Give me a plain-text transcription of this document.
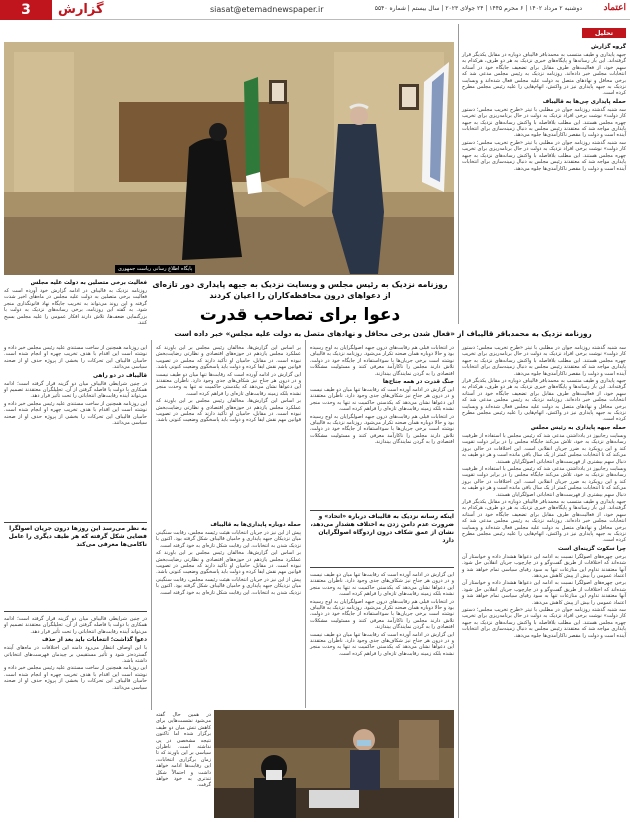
3	گزارش	siasat@etemadnewspaper.ir	دوشنبه ۲ مرداد ۱۴۰۲ | ۶ محرم ۱۴۴۵ | ۲۴ جولای ۲۰۲۳ | سال بیستم | شماره ۵۵۴۰	اعتماد
تحلیل
گروه گزارش

جبهه پایداری و طیف منتسب به محمدباقر قالیباف دوباره در مقابل یکدیگر قرار گرفته‌اند. این بار رسانه‌ها و پایگاه‌های خبری نزدیک به هر دو طرف، هرکدام به سهم خود، از فعالیت‌های طرف مقابل برای تضعیف جایگاه خود در آستانه انتخابات مجلس خبر داده‌اند. روزنامه نزدیک به رئیس مجلس مدعی شد که برخی محافل و نهادهای متصل به دولت علیه مجلس فعال شده‌اند و وبسایت نزدیک به جبهه پایداری نیز در واکنش، اتهام‌هایی را علیه رئیس مجلس مطرح کرده است.

حمله پایداری چی‌ها به قالیباف

سه شنبه گذشته روزنامه جوان در مطلبی با تیتر «طرح تخریب مجلس؛ دستور کار دولت» نوشت برخی افراد نزدیک به دولت در حال برنامه‌ریزی برای تخریب چهره مجلس هستند. این مطلب بلافاصله با واکنش رسانه‌های نزدیک به جبهه پایداری مواجه شد که معتقدند رئیس مجلس به دنبال زمینه‌سازی برای انتخابات آینده است و دولت را مقصر ناکارآمدی‌ها جلوه می‌دهد.

سه شنبه گذشته روزنامه جوان در مطلبی با تیتر «طرح تخریب مجلس؛ دستور کار دولت» نوشت برخی افراد نزدیک به دولت در حال برنامه‌ریزی برای تخریب چهره مجلس هستند. این مطلب بلافاصله با واکنش رسانه‌های نزدیک به جبهه پایداری مواجه شد که معتقدند رئیس مجلس به دنبال زمینه‌سازی برای انتخابات آینده است و دولت را مقصر ناکارآمدی‌ها جلوه می‌دهد.

سه شنبه گذشته روزنامه جوان در مطلبی با تیتر «طرح تخریب مجلس؛ دستور کار دولت» نوشت برخی افراد نزدیک به دولت در حال برنامه‌ریزی برای تخریب چهره مجلس هستند. این مطلب بلافاصله با واکنش رسانه‌های نزدیک به جبهه پایداری مواجه شد که معتقدند رئیس مجلس به دنبال زمینه‌سازی برای انتخابات آینده است و دولت را مقصر ناکارآمدی‌ها جلوه می‌دهد.

جبهه پایداری و طیف منتسب به محمدباقر قالیباف دوباره در مقابل یکدیگر قرار گرفته‌اند. این بار رسانه‌ها و پایگاه‌های خبری نزدیک به هر دو طرف، هرکدام به سهم خود، از فعالیت‌های طرف مقابل برای تضعیف جایگاه خود در آستانه انتخابات مجلس خبر داده‌اند. روزنامه نزدیک به رئیس مجلس مدعی شد که برخی محافل و نهادهای متصل به دولت علیه مجلس فعال شده‌اند و وبسایت نزدیک به جبهه پایداری نیز در واکنش، اتهام‌هایی را علیه رئیس مجلس مطرح کرده است.

حمله جبهه پایداری به رئیس مجلس

وبسایت رجانیوز در یادداشتی مدعی شد که رئیس مجلس با استفاده از ظرفیت رسانه‌های نزدیک به خود، تلاش می‌کند جایگاه مجلس را در برابر دولت تقویت کند و این رویکرد به ضرر جریان انقلابی است. این اختلافات در حالی بروز می‌کند که تا انتخابات مجلس کمتر از یک سال باقی مانده است و هر دو طیف به دنبال سهم بیشتری از فهرست‌های انتخاباتی اصولگرایان هستند.

وبسایت رجانیوز در یادداشتی مدعی شد که رئیس مجلس با استفاده از ظرفیت رسانه‌های نزدیک به خود، تلاش می‌کند جایگاه مجلس را در برابر دولت تقویت کند و این رویکرد به ضرر جریان انقلابی است. این اختلافات در حالی بروز می‌کند که تا انتخابات مجلس کمتر از یک سال باقی مانده است و هر دو طیف به دنبال سهم بیشتری از فهرست‌های انتخاباتی اصولگرایان هستند.

جبهه پایداری و طیف منتسب به محمدباقر قالیباف دوباره در مقابل یکدیگر قرار گرفته‌اند. این بار رسانه‌ها و پایگاه‌های خبری نزدیک به هر دو طرف، هرکدام به سهم خود، از فعالیت‌های طرف مقابل برای تضعیف جایگاه خود در آستانه انتخابات مجلس خبر داده‌اند. روزنامه نزدیک به رئیس مجلس مدعی شد که برخی محافل و نهادهای متصل به دولت علیه مجلس فعال شده‌اند و وبسایت نزدیک به جبهه پایداری نیز در واکنش، اتهام‌هایی را علیه رئیس مجلس مطرح کرده است.

چرا سکوت گزینه‌ای است

برخی چهره‌های اصولگرا نسبت به ادامه این دعواها هشدار داده و خواستار آن شده‌اند که اختلافات از طریق گفت‌وگو و در چارچوب جریان انقلابی حل شود. آنها معتقدند تداوم این منازعات تنها به سود رقبای سیاسی تمام خواهد شد و اعتماد عمومی را بیش از پیش کاهش می‌دهد.

برخی چهره‌های اصولگرا نسبت به ادامه این دعواها هشدار داده و خواستار آن شده‌اند که اختلافات از طریق گفت‌وگو و در چارچوب جریان انقلابی حل شود. آنها معتقدند تداوم این منازعات تنها به سود رقبای سیاسی تمام خواهد شد و اعتماد عمومی را بیش از پیش کاهش می‌دهد.

سه شنبه گذشته روزنامه جوان در مطلبی با تیتر «طرح تخریب مجلس؛ دستور کار دولت» نوشت برخی افراد نزدیک به دولت در حال برنامه‌ریزی برای تخریب چهره مجلس هستند. این مطلب بلافاصله با واکنش رسانه‌های نزدیک به جبهه پایداری مواجه شد که معتقدند رئیس مجلس به دنبال زمینه‌سازی برای انتخابات آینده است و دولت را مقصر ناکارآمدی‌ها جلوه می‌دهد.

پایگاه اطلاع رسانی ریاست جمهوری
روزنامه نزدیک به رئیس مجلس و وبسایت نزدیک به جبهه پایداری دور تازه‌ای از دعواهای درون محافظه‌کاران را اعیان کردند
دعوا برای تصاحب قدرت
روزنامه نزدیک به محمدباقر قالیباف از «فعال شدن برخی محافل و نهادهای متصل به دولت علیه مجلس» خبر داده است

در انتخابات قبلی هم رقابت‌های درون جبهه اصولگرایان به اوج رسیده بود و حالا دوباره همان صحنه تکرار می‌شود. روزنامه نزدیک به قالیباف نوشته است برخی جریان‌ها با سوءاستفاده از جایگاه خود در دولت، تلاش دارند مجلس را ناکارآمد معرفی کنند و مسئولیت مشکلات اقتصادی را به گردن نمایندگان بیندازند.

جنگ قدرت در همه جناح‌ها

این گزارش در ادامه آورده است که رقابت‌ها تنها میان دو طیف نیست و در درون هر جناح نیز شکاف‌های جدی وجود دارد. ناظران معتقدند این دعواها نشان می‌دهد که یکدستی حاکمیت نه تنها به وحدت منجر نشده بلکه زمینه رقابت‌های تازه‌ای را فراهم کرده است.

در انتخابات قبلی هم رقابت‌های درون جبهه اصولگرایان به اوج رسیده بود و حالا دوباره همان صحنه تکرار می‌شود. روزنامه نزدیک به قالیباف نوشته است برخی جریان‌ها با سوءاستفاده از جایگاه خود در دولت، تلاش دارند مجلس را ناکارآمد معرفی کنند و مسئولیت مشکلات اقتصادی را به گردن نمایندگان بیندازند.

اینکه رسانه نزدیک به قالیباف درباره «اتحاد» و ضرورت عدم دامن زدن به اختلاف هشدار می‌دهد، نشان از عمق شکاف درون اردوگاه اصولگرایان دارد

این گزارش در ادامه آورده است که رقابت‌ها تنها میان دو طیف نیست و در درون هر جناح نیز شکاف‌های جدی وجود دارد. ناظران معتقدند این دعواها نشان می‌دهد که یکدستی حاکمیت نه تنها به وحدت منجر نشده بلکه زمینه رقابت‌های تازه‌ای را فراهم کرده است.

در انتخابات قبلی هم رقابت‌های درون جبهه اصولگرایان به اوج رسیده بود و حالا دوباره همان صحنه تکرار می‌شود. روزنامه نزدیک به قالیباف نوشته است برخی جریان‌ها با سوءاستفاده از جایگاه خود در دولت، تلاش دارند مجلس را ناکارآمد معرفی کنند و مسئولیت مشکلات اقتصادی را به گردن نمایندگان بیندازند.

این گزارش در ادامه آورده است که رقابت‌ها تنها میان دو طیف نیست و در درون هر جناح نیز شکاف‌های جدی وجود دارد. ناظران معتقدند این دعواها نشان می‌دهد که یکدستی حاکمیت نه تنها به وحدت منجر نشده بلکه زمینه رقابت‌های تازه‌ای را فراهم کرده است.

بر اساس این گزارش‌ها، مخالفان رئیس مجلس بر این باورند که عملکرد مجلس یازدهم در حوزه‌های اقتصادی و نظارتی رضایت‌بخش نبوده است. در مقابل، حامیان او تأکید دارند که مجلس در تصویب قوانین مهم نقش ایفا کرده و دولت باید پاسخگوی وضعیت کنونی باشد.

این گزارش در ادامه آورده است که رقابت‌ها تنها میان دو طیف نیست و در درون هر جناح نیز شکاف‌های جدی وجود دارد. ناظران معتقدند این دعواها نشان می‌دهد که یکدستی حاکمیت نه تنها به وحدت منجر نشده بلکه زمینه رقابت‌های تازه‌ای را فراهم کرده است.

بر اساس این گزارش‌ها، مخالفان رئیس مجلس بر این باورند که عملکرد مجلس یازدهم در حوزه‌های اقتصادی و نظارتی رضایت‌بخش نبوده است. در مقابل، حامیان او تأکید دارند که مجلس در تصویب قوانین مهم نقش ایفا کرده و دولت باید پاسخگوی وضعیت کنونی باشد.

حمله دوباره پایداری‌ها به قالیباف

پیش از این نیز در جریان انتخابات هیئت رئیسه مجلس، رقابت سنگینی میان نزدیکان جبهه پایداری و حامیان قالیباف شکل گرفته بود. اکنون با نزدیک شدن به انتخابات، این رقابت شکل تازه‌ای به خود گرفته است.

بر اساس این گزارش‌ها، مخالفان رئیس مجلس بر این باورند که عملکرد مجلس یازدهم در حوزه‌های اقتصادی و نظارتی رضایت‌بخش نبوده است. در مقابل، حامیان او تأکید دارند که مجلس در تصویب قوانین مهم نقش ایفا کرده و دولت باید پاسخگوی وضعیت کنونی باشد.

پیش از این نیز در جریان انتخابات هیئت رئیسه مجلس، رقابت سنگینی میان نزدیکان جبهه پایداری و حامیان قالیباف شکل گرفته بود. اکنون با نزدیک شدن به انتخابات، این رقابت شکل تازه‌ای به خود گرفته است.

این روزنامه همچنین از ساخت مستندی علیه رئیس مجلس خبر داده و نوشته است این اقدام با هدف تخریب چهره او انجام شده است. حامیان قالیباف این تحرکات را بخشی از پروژه حذف او از صحنه سیاسی می‌دانند.

قالیباف در دو راهی

در چنین شرایطی قالیباف میان دو گزینه قرار گرفته است؛ ادامه همکاری با دولت یا فاصله گرفتن از آن. تحلیلگران معتقدند تصمیم او می‌تواند آینده رقابت‌های انتخاباتی را تحت تأثیر قرار دهد.

این روزنامه همچنین از ساخت مستندی علیه رئیس مجلس خبر داده و نوشته است این اقدام با هدف تخریب چهره او انجام شده است. حامیان قالیباف این تحرکات را بخشی از پروژه حذف او از صحنه سیاسی می‌دانند.

به نظر می‌رسد این روزها درون جریان اصولگرا فضایی شکل گرفته که هر طیف دیگری را عامل ناکامی‌ها معرفی می‌کند

در چنین شرایطی قالیباف میان دو گزینه قرار گرفته است؛ ادامه همکاری با دولت یا فاصله گرفتن از آن. تحلیلگران معتقدند تصمیم او می‌تواند آینده رقابت‌های انتخاباتی را تحت تأثیر قرار دهد.

دعوا گذاشت؛ انتخابات باید بعد از حذف

با این اوصاف انتظار می‌رود دامنه این اختلافات در ماه‌های آینده گسترده‌تر شود و تأثیر مستقیمی بر چیدمان فهرست‌های انتخاباتی داشته باشد.

این روزنامه همچنین از ساخت مستندی علیه رئیس مجلس خبر داده و نوشته است این اقدام با هدف تخریب چهره او انجام شده است. حامیان قالیباف این تحرکات را بخشی از پروژه حذف او از صحنه سیاسی می‌دانند.

در همین حال گفته می‌شود نشست‌هایی برای کاهش تنش میان دو طیف برگزار شده اما تاکنون نتیجه مشخصی در پی نداشته است. ناظران سیاسی بر این باورند که تا زمان برگزاری انتخابات، این رقابت‌ها ادامه خواهد داشت و احتمالاً شکل تندتری به خود خواهد گرفت.

فعالیت برخی متصلین به دولت علیه مجلس

روزنامه نزدیک به قالیباف در ادامه گزارش خود آورده است که فعالیت برخی متصلین به دولت علیه مجلس در ماه‌های اخیر شدت گرفته و این روند می‌تواند به تخریب جایگاه نهاد قانونگذاری منجر شود. به گفته این روزنامه، برخی رسانه‌های نزدیک به دولت با بزرگنمایی ضعف‌ها، تلاش دارند افکار عمومی را علیه مجلس بسیج کنند.
